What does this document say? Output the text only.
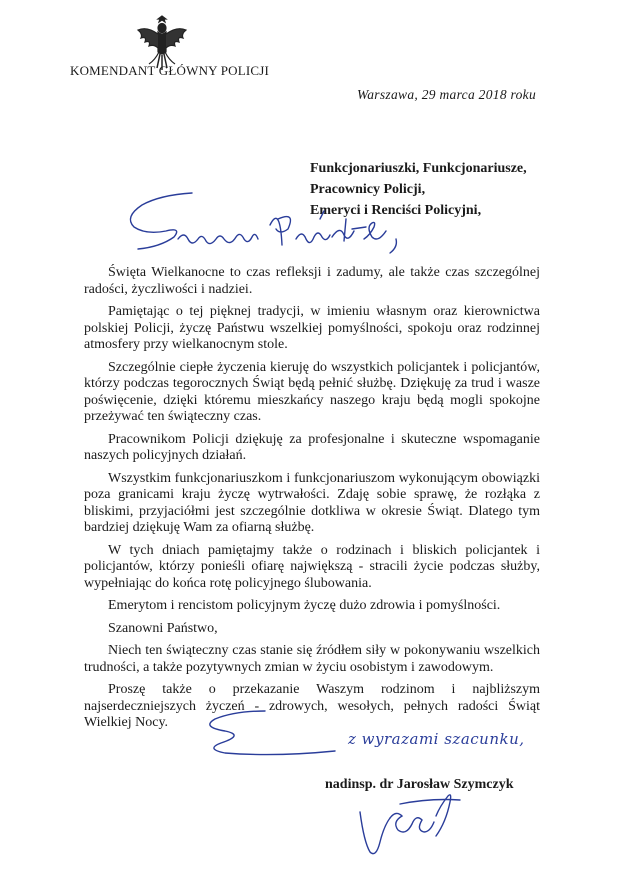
KOMENDANT GŁÓWNY POLICJI
Warszawa, 29 marca 2018 roku
Funkcjonariuszki, Funkcjonariusze,
Pracownicy Policji,
Emeryci i Renciści Policyjni,

Święta Wielkanocne to czas refleksji i zadumy, ale także czas szczególnej radości, życzliwości i nadziei.

Pamiętając o tej pięknej tradycji, w imieniu własnym oraz kierownictwa polskiej Policji, życzę Państwu wszelkiej pomyślności, spokoju oraz rodzinnej atmosfery przy wielkanocnym stole.

Szczególnie ciepłe życzenia kieruję do wszystkich policjantek i policjantów, którzy podczas tegorocznych Świąt będą pełnić służbę. Dziękuję za trud i wasze poświęcenie, dzięki któremu mieszkańcy naszego kraju będą mogli spokojne przeżywać ten świąteczny czas.

Pracownikom Policji dziękuję za profesjonalne i skuteczne wspomaganie naszych policyjnych działań.

Wszystkim funkcjonariuszkom i funkcjonariuszom wykonującym obowiązki poza granicami kraju życzę wytrwałości. Zdaję sobie sprawę, że rozłąka z bliskimi, przyjaciółmi jest szczególnie dotkliwa w okresie Świąt. Dlatego tym bardziej dziękuję Wam za ofiarną służbę.

W tych dniach pamiętajmy także o rodzinach i bliskich policjantek i policjantów, którzy ponieśli ofiarę największą - stracili życie podczas służby, wypełniając do końca rotę policyjnego ślubowania.

Emerytom i rencistom policyjnym życzę dużo zdrowia i pomyślności.

Szanowni Państwo,

Niech ten świąteczny czas stanie się źródłem siły w pokonywaniu wszelkich trudności, a także pozytywnych zmian w życiu osobistym i zawodowym.

Proszę także o przekazanie Waszym rodzinom i najbliższym najserdeczniejszych życzeń - zdrowych, wesołych, pełnych radości Świąt Wielkiej Nocy.

z wyrazami szacunku,
nadinsp. dr Jarosław Szymczyk
